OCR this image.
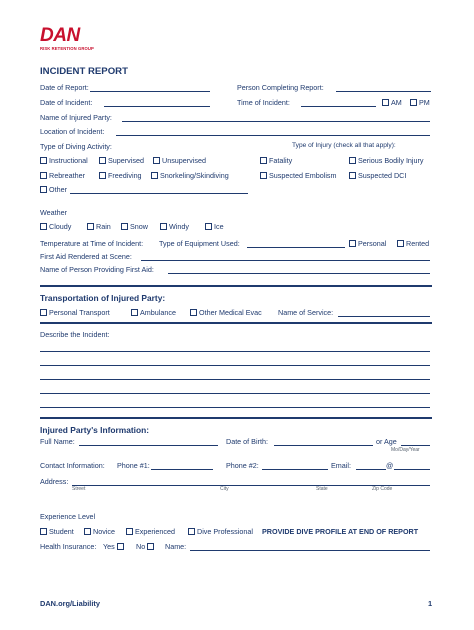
DAN
RISK RETENTION GROUP
INCIDENT REPORT
Date of Report:	Person Completing Report:
Date of Incident:	Time of Incident:	AM	PM
Name of Injured Party:
Location of Incident:
Type of Diving Activity:	Type of Injury (check all that apply):
Instructional	Supervised	Unsupervised	Fatality	Serious Bodily Injury
Rebreather	Freediving	Snorkeling/Skindiving	Suspected Embolism	Suspected DCI
Other
Weather
Cloudy	Rain	Snow	Windy	Ice
Temperature at Time of Incident: Type of Equipment Used:	Personal	Rented
First Aid Rendered at Scene:
Name of Person Providing First Aid:
Transportation of Injured Party:
Personal Transport	Ambulance	Other Medical Evac Name of Service:
Describe the Incident:
Injured Party's Information:
Full Name:	Date of Birth:	or Age
Mo/Day/Year
Contact Information: Phone #1:	Phone #2:	Email:	@
Address:
Street	City	State	Zip Code
Experience Level
Student	Novice	Experienced	Dive Professional PROVIDE DIVE PROFILE AT END OF REPORT
Health Insurance: Yes	No	Name:
DAN.org/Liability	1
